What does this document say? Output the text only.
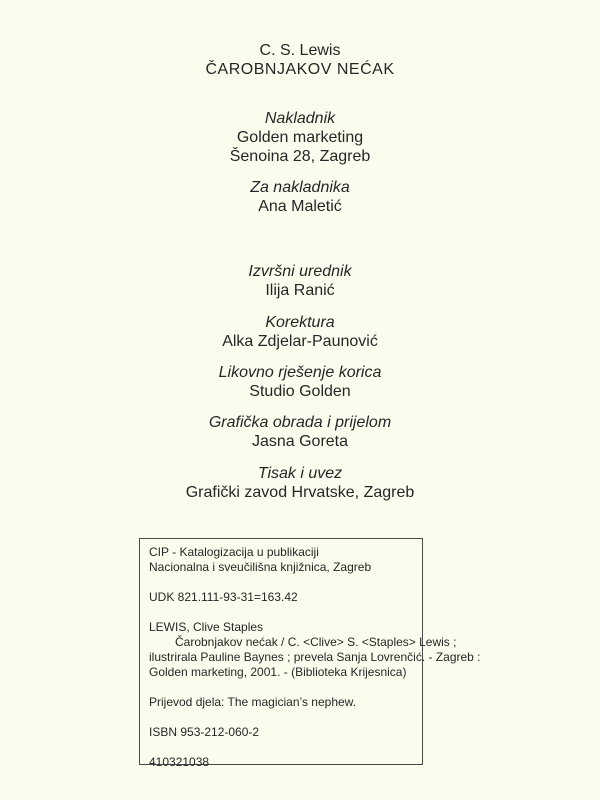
C. S. Lewis
ČAROBNJAKOV NEĆAK
Nakladnik
Golden marketing
Šenoina 28, Zagreb
Za nakladnika
Ana Maletić
Izvršni urednik
Ilija Ranić
Korektura
Alka Zdjelar-Paunović
Likovno rješenje korica
Studio Golden
Grafička obrada i prijelom
Jasna Goreta
Tisak i uvez
Grafički zavod Hrvatske, Zagreb
CIP - Katalogizacija u publikaciji
Nacionalna i sveučilišna knjižnica, Zagreb
UDK 821.111-93-31=163.42
LEWIS, Clive Staples
Čarobnjakov nećak / C. <Clive> S. <Staples> Lewis ;
ilustrirala Pauline Baynes ; prevela Sanja Lovrenčić. - Zagreb :
Golden marketing, 2001. - (Biblioteka Krijesnica)
Prijevod djela: The magician’s nephew.
ISBN 953-212-060-2
410321038
